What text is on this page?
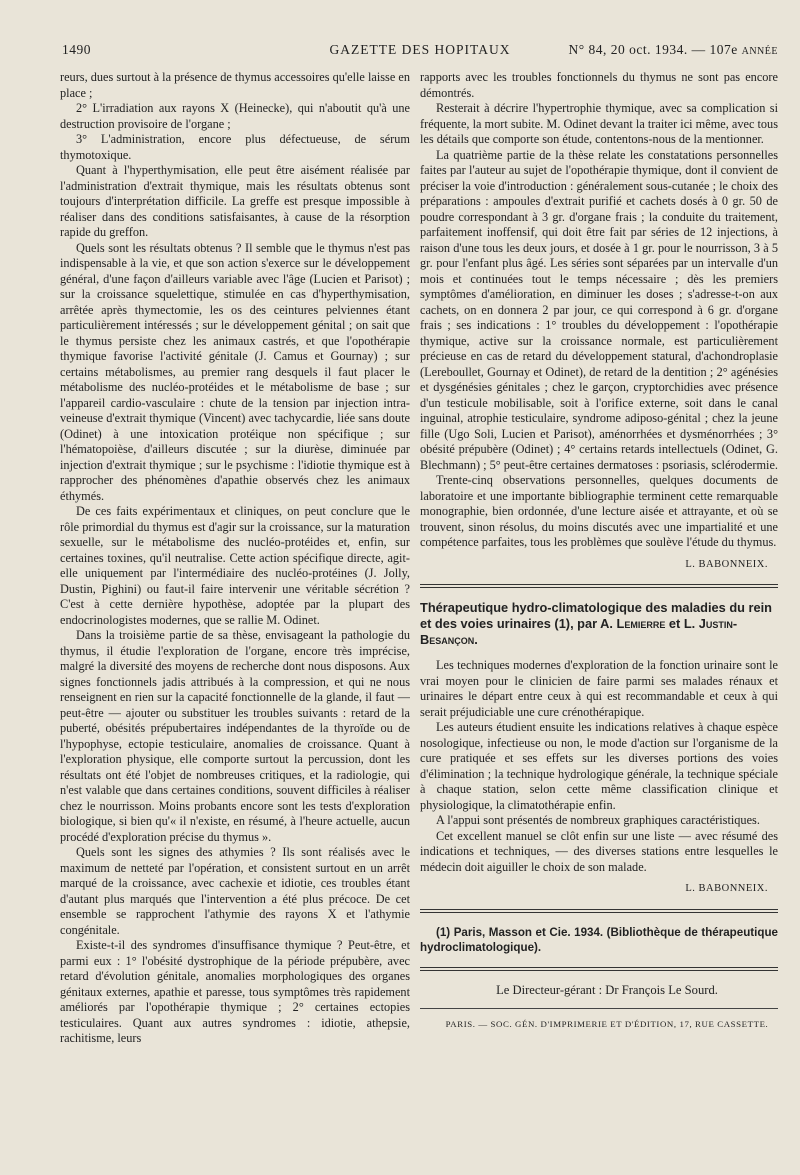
1490	GAZETTE DES HOPITAUX	N° 84, 20 oct. 1934. — 107e ANNÉE

reurs, dues surtout à la présence de thymus accessoires qu'elle laisse en place ;

2° L'irradiation aux rayons X (Heinecke), qui n'aboutit qu'à une destruction provisoire de l'organe ;

3° L'administration, encore plus défectueuse, de sérum thymotoxique.

Quant à l'hyperthymisation, elle peut être aisément réalisée par l'administration d'extrait thymique, mais les résultats obtenus sont toujours d'interprétation difficile. La greffe est presque impossible à réaliser dans des conditions satisfaisantes, à cause de la résorption rapide du greffon.

Quels sont les résultats obtenus ? Il semble que le thymus n'est pas indispensable à la vie, et que son action s'exerce sur le développement général, d'une façon d'ailleurs variable avec l'âge (Lucien et Parisot) ; sur la croissance squelettique, stimulée en cas d'hyperthymisation, arrêtée après thymectomie, les os des ceintures pelviennes étant particulièrement intéressés ; sur le développement génital ; on sait que le thymus persiste chez les animaux castrés, et que l'opothérapie thymique favorise l'activité génitale (J. Camus et Gournay) ; sur certains métabolismes, au premier rang desquels il faut placer le métabolisme des nucléo-protéides et le métabolisme de base ; sur l'appareil cardio-vasculaire : chute de la tension par injection intra-veineuse d'extrait thymique (Vincent) avec tachycardie, liée sans doute (Odinet) à une intoxication protéique non spécifique ; sur l'hématopoièse, d'ailleurs discutée ; sur la diurèse, diminuée par injection d'extrait thymique ; sur le psychisme : l'idiotie thymique est à rapprocher des phénomènes d'apathie observés chez les animaux éthymés.

De ces faits expérimentaux et cliniques, on peut conclure que le rôle primordial du thymus est d'agir sur la croissance, sur la maturation sexuelle, sur le métabolisme des nucléo-protéides et, enfin, sur certaines toxines, qu'il neutralise. Cette action spécifique directe, agit-elle uniquement par l'intermédiaire des nucléo-protéines (J. Jolly, Dustin, Pighini) ou faut-il faire intervenir une véritable sécrétion ? C'est à cette dernière hypothèse, adoptée par la plupart des endocrinologistes modernes, que se rallie M. Odinet.

Dans la troisième partie de sa thèse, envisageant la pathologie du thymus, il étudie l'exploration de l'organe, encore très imprécise, malgré la diversité des moyens de recherche dont nous disposons. Aux signes fonctionnels jadis attribués à la compression, et qui ne nous renseignent en rien sur la capacité fonctionnelle de la glande, il faut — peut-être — ajouter ou substituer les troubles suivants : retard de la puberté, obésités prépubertaires indépendantes de la thyroïde ou de l'hypophyse, ectopie testiculaire, anomalies de croissance. Quant à l'exploration physique, elle comporte surtout la percussion, dont les résultats ont été l'objet de nombreuses critiques, et la radiologie, qui n'est valable que dans certaines conditions, souvent difficiles à réaliser chez le nourrisson. Moins probants encore sont les tests d'exploration biologique, si bien qu'« il n'existe, en résumé, à l'heure actuelle, aucun procédé d'exploration précise du thymus ».

Quels sont les signes des athymies ? Ils sont réalisés avec le maximum de netteté par l'opération, et consistent surtout en un arrêt marqué de la croissance, avec cachexie et idiotie, ces troubles étant d'autant plus marqués que l'intervention a été plus précoce. De cet ensemble se rapprochent l'athymie des rayons X et l'athymie congénitale.

Existe-t-il des syndromes d'insuffisance thymique ? Peut-être, et parmi eux : 1° l'obésité dystrophique de la période prépubère, avec retard d'évolution génitale, anomalies morphologiques des organes génitaux externes, apathie et paresse, tous symptômes très rapidement améliorés par l'opothérapie thymique ; 2° certaines ectopies testiculaires. Quant aux autres syndromes : idiotie, athepsie, rachitisme, leurs

rapports avec les troubles fonctionnels du thymus ne sont pas encore démontrés.

Resterait à décrire l'hypertrophie thymique, avec sa complication si fréquente, la mort subite. M. Odinet devant la traiter ici même, avec tous les détails que comporte son étude, contentons-nous de la mentionner.

La quatrième partie de la thèse relate les constatations personnelles faites par l'auteur au sujet de l'opothérapie thymique, dont il convient de préciser la voie d'introduction : généralement sous-cutanée ; le choix des préparations : ampoules d'extrait purifié et cachets dosés à 0 gr. 50 de poudre correspondant à 3 gr. d'organe frais ; la conduite du traitement, parfaitement inoffensif, qui doit être fait par séries de 12 injections, à raison d'une tous les deux jours, et dosée à 1 gr. pour le nourrisson, 3 à 5 gr. pour l'enfant plus âgé. Les séries sont séparées par un intervalle d'un mois et continuées tout le temps nécessaire ; dès les premiers symptômes d'amélioration, en diminuer les doses ; s'adresse-t-on aux cachets, on en donnera 2 par jour, ce qui correspond à 6 gr. d'organe frais ; ses indications : 1° troubles du développement : l'opothérapie thymique, active sur la croissance normale, est particulièrement précieuse en cas de retard du développement statural, d'achondroplasie (Lereboullet, Gournay et Odinet), de retard de la dentition ; 2° agénésies et dysgénésies génitales ; chez le garçon, cryptorchidies avec présence d'un testicule mobilisable, soit à l'orifice externe, soit dans le canal inguinal, atrophie testiculaire, syndrome adiposo-génital ; chez la jeune fille (Ugo Soli, Lucien et Parisot), aménorrhées et dysménorrhées ; 3° obésité prépubère (Odinet) ; 4° certains retards intellectuels (Odinet, G. Blechmann) ; 5° peut-être certaines dermatoses : psoriasis, sclérodermie.

Trente-cinq observations personnelles, quelques documents de laboratoire et une importante bibliographie terminent cette remarquable monographie, bien ordonnée, d'une lecture aisée et attrayante, et où se trouvent, sinon résolus, du moins discutés avec une impartialité et une compétence parfaites, tous les problèmes que soulève l'étude du thymus.

L. BABONNEIX.
Thérapeutique hydro-climatologique des maladies du rein et des voies urinaires (1), par A. Lemierre et L. Justin-Besançon.

Les techniques modernes d'exploration de la fonction urinaire sont le vrai moyen pour le clinicien de faire parmi ses malades rénaux et urinaires le départ entre ceux à qui est recommandable et ceux à qui serait préjudiciable une cure crénothérapique.

Les auteurs étudient ensuite les indications relatives à chaque espèce nosologique, infectieuse ou non, le mode d'action sur l'organisme de la cure pratiquée et ses effets sur les diverses portions des voies d'élimination ; la technique hydrologique générale, la technique spéciale à chaque station, selon cette même classification clinique et physiologique, la climatothérapie enfin.

A l'appui sont présentés de nombreux graphiques caractéristiques.

Cet excellent manuel se clôt enfin sur une liste — avec résumé des indications et techniques, — des diverses stations entre lesquelles le médecin doit aiguiller le choix de son malade.

L. BABONNEIX.

(1) Paris, Masson et Cie. 1934. (Bibliothèque de thérapeutique hydroclimatologique).

Le Directeur-gérant : Dr François Le Sourd.

PARIS. — SOC. GÉN. D'IMPRIMERIE ET D'ÉDITION, 17, RUE CASSETTE.
